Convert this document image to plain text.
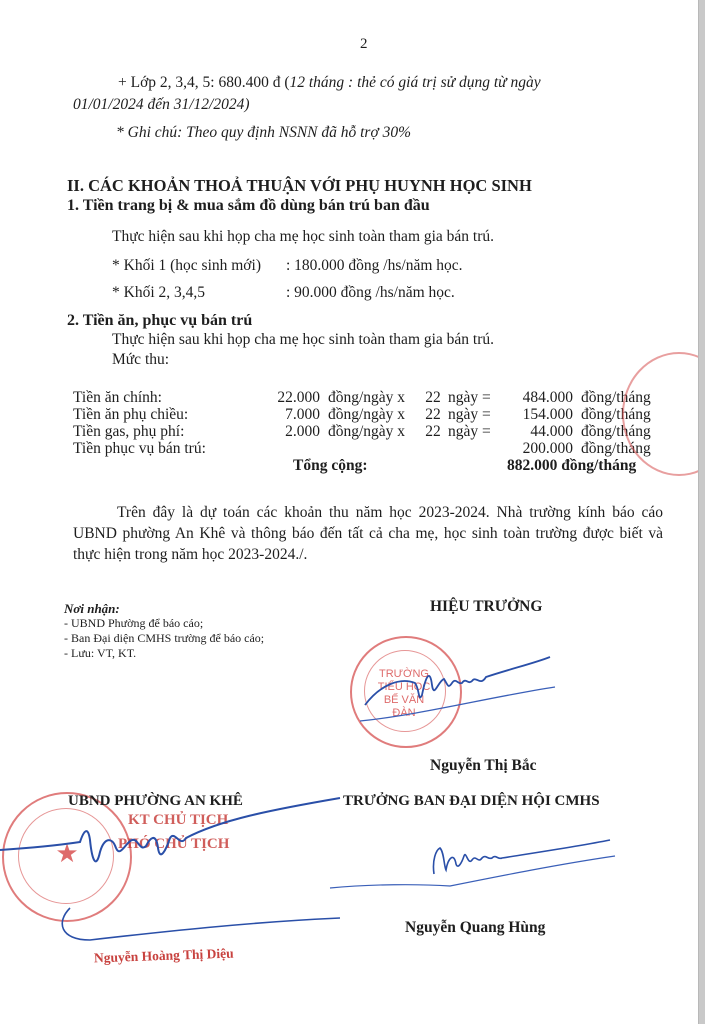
2
+ Lớp 2, 3,4, 5: 680.400 đ (12 tháng : thẻ có giá trị sử dụng từ ngày
01/01/2024 đến 31/12/2024)
* Ghi chú: Theo quy định NSNN đã hỗ trợ 30%
II. CÁC KHOẢN THOẢ THUẬN VỚI PHỤ HUYNH HỌC SINH
1. Tiền trang bị & mua sắm đồ dùng bán trú ban đầu
Thực hiện sau khi họp cha mẹ học sinh toàn tham gia bán trú.
* Khối 1 (học sinh mới) : 180.000 đồng /hs/năm học.
* Khối 2, 3,4,5	: 90.000 đồng /hs/năm học.
2. Tiền ăn, phục vụ bán trú
Thực hiện sau khi họp cha mẹ học sinh toàn tham gia bán trú.
Mức thu:
Tiền ăn chính:	22.000	đồng/ngày x	22	ngày =	484.000	đồng/tháng
Tiền ăn phụ chiều:	7.000	đồng/ngày x	22	ngày =	154.000	đồng/tháng
Tiền gas, phụ phí:	2.000	đồng/ngày x	22	ngày =	44.000	đồng/tháng
Tiền phục vụ bán trú:					200.000	đồng/tháng
	Tổng cộng:				882.000 đồng/tháng	
Trên đây là dự toán các khoản thu năm học 2023-2024. Nhà trường kính báo cáo UBND phường An Khê và thông báo đến tất cả cha mẹ, học sinh toàn trường được biết và thực hiện trong năm học 2023-2024./.
Nơi nhận:
- UBND Phường để báo cáo;
- Ban Đại diện CMHS trường để báo cáo;
- Lưu: VT, KT.
HIỆU TRƯỞNG
TRƯỜNG
TIỂU HỌC
BẾ VĂN ĐÀN
Nguyễn Thị Bắc
★
UBND PHƯỜNG AN KHÊ
KT CHỦ TỊCH
PHÓ CHỦ TỊCH
Nguyễn Hoàng Thị Diệu
TRƯỞNG BAN ĐẠI DIỆN HỘI CMHS
Nguyễn Quang Hùng
